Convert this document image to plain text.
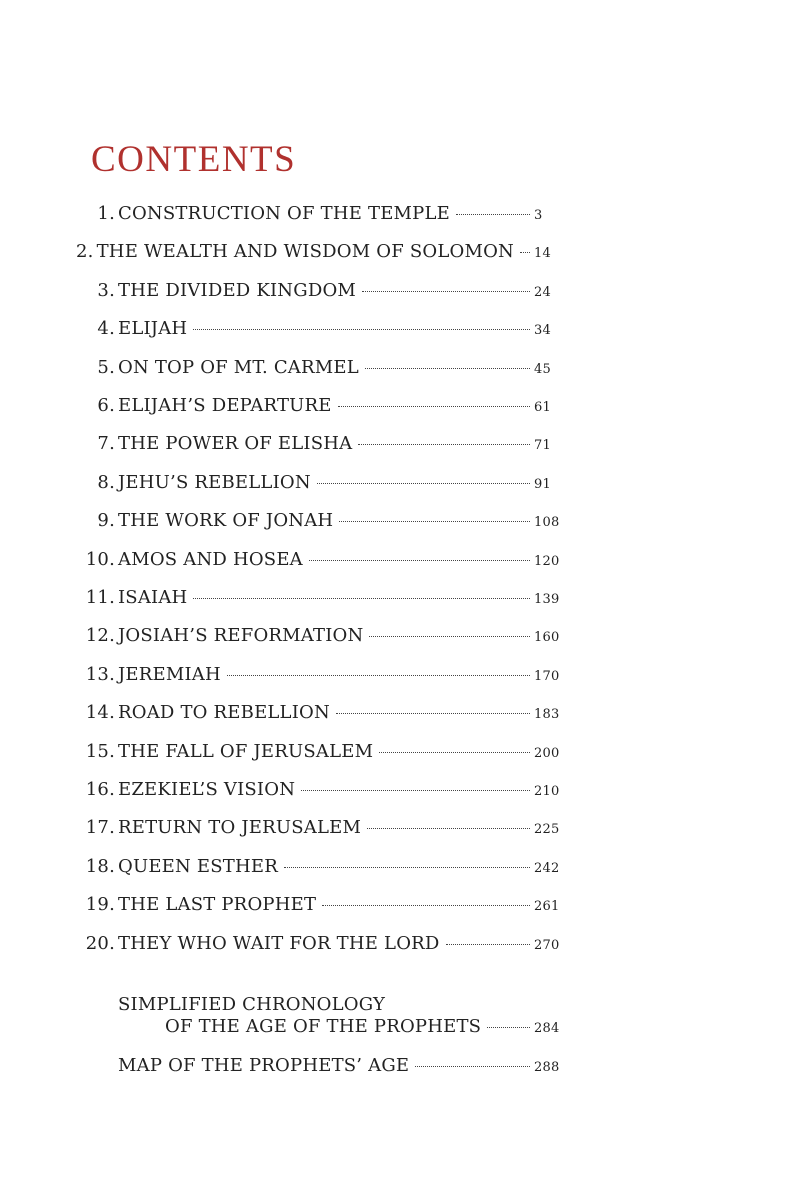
CONTENTS
1. CONSTRUCTION OF THE TEMPLE	3
2. THE WEALTH AND WISDOM OF SOLOMON 14
3. THE DIVIDED KINGDOM	24
4. ELIJAH	34
5. ON TOP OF MT. CARMEL	45
6. ELIJAH’S DEPARTURE	61
7. THE POWER OF ELISHA	71
8. JEHU’S REBELLION	91
9. THE WORK OF JONAH	108
10. AMOS AND HOSEA	120
11. ISAIAH	139
12. JOSIAH’S REFORMATION	160
13. JEREMIAH	170
14. ROAD TO REBELLION	183
15. THE FALL OF JERUSALEM	200
16. EZEKIEL’S VISION	210
17. RETURN TO JERUSALEM	225
18. QUEEN ESTHER	242
19. THE LAST PROPHET	261
20. THEY WHO WAIT FOR THE LORD	270
SIMPLIFIED CHRONOLOGY
OF THE AGE OF THE PROPHETS	284
MAP OF THE PROPHETS’ AGE	288
